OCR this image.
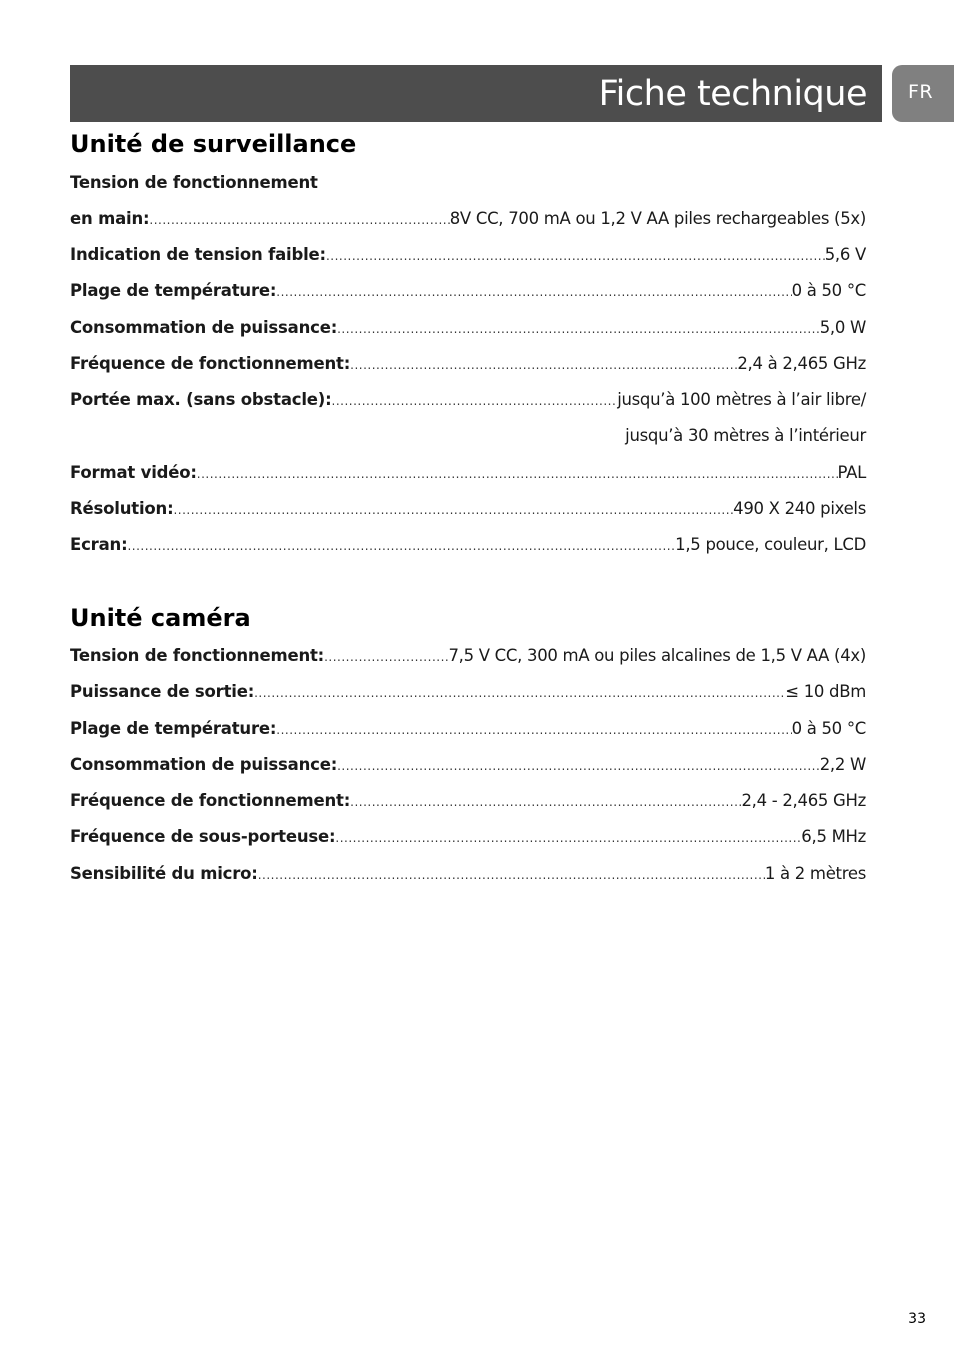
Fiche technique FR
Unité de surveillance
Tension de fonctionnement
en main: .....	8V CC, 700 mA ou 1,2 V AA piles rechargeables (5x)
Indication de tension faible: .....	5,6 V
Plage de température: .....	0 à 50 °C
Consommation de puissance: .....	5,0 W
Fréquence de fonctionnement: .....	2,4 à 2,465 GHz
Portée max. (sans obstacle): .....	jusqu’à 100 mètres à l’air libre/
jusqu’à 30 mètres à l’intérieur
Format vidéo: .....	PAL
Résolution: .....	490 X 240 pixels
Ecran: .....	1,5 pouce, couleur, LCD
Unité caméra
Tension de fonctionnement: .....	7,5 V CC, 300 mA ou piles alcalines de 1,5 V AA (4x)
Puissance de sortie: .....	≤ 10 dBm
Plage de température: .....	0 à 50 °C
Consommation de puissance: .....	2,2 W
Fréquence de fonctionnement: .....	2,4 - 2,465 GHz
Fréquence de sous-porteuse: .....	6,5 MHz
Sensibilité du micro: .....	1 à 2 mètres
33
